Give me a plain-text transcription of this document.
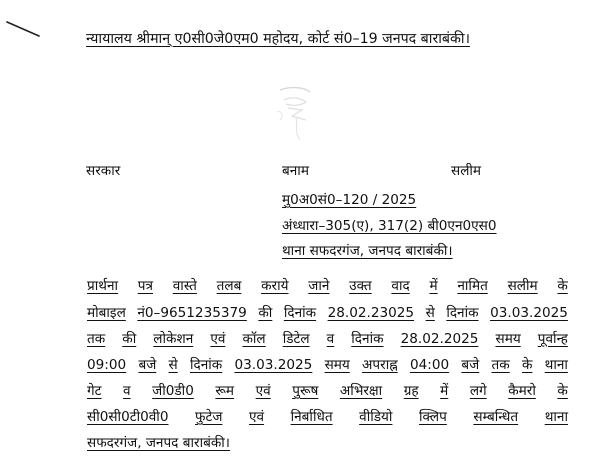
न्यायालय श्रीमान् ए0सी0जे0एम0 महोदय, कोर्ट सं0–19 जनपद बाराबंकी।
सरकार	बनाम	सलीम
मु0अ0सं0–120 / 2025
अंध्धारा–305(ए), 317(2) बी0एन0एस0
थाना सफदरगंज, जनपद बाराबंकी।
प्रार्थना पत्र वास्ते तलब कराये जाने उक्त वाद में नामित सलीम के
मोबाइल नं0–9651235379 की दिनांक 28.02.23025 से दिनांक 03.03.2025
तक की लोकेशन एवं कॉल डिटेल व दिनांक 28.02.2025 समय पूर्वान्ह
09:00 बजे से दिनांक 03.03.2025 समय अपराह्न 04:00 बजे तक के थाना
गेट व जी0डी0 रूम एवं पुरूष अभिरक्षा ग्रह में लगे कैमरो के
सी0सी0टी0वी0 फुटेज एवं निर्बाधित वीडियो क्लिप सम्बन्धित थाना
सफदरगंज, जनपद बाराबंकी।
